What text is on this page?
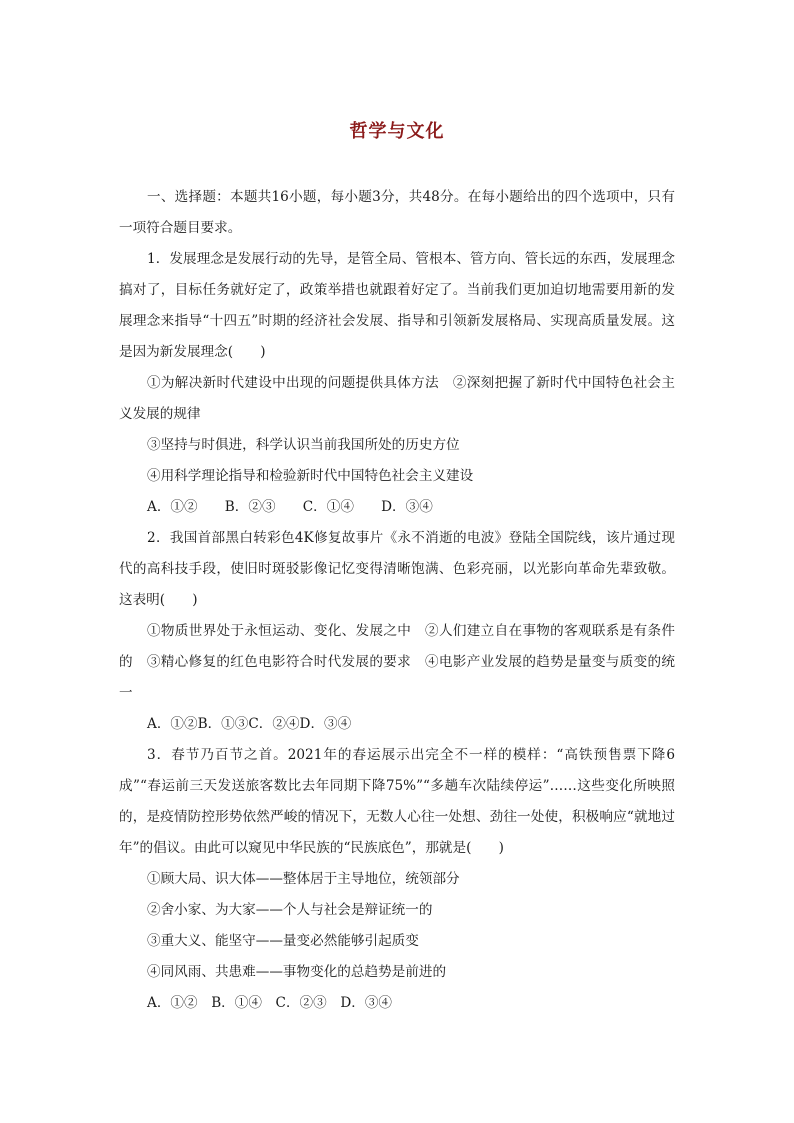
哲学与文化

一、选择题：本题共16小题，每小题3分，共48分。在每小题给出的四个选项中，只有一项符合题目要求。

1．发展理念是发展行动的先导，是管全局、管根本、管方向、管长远的东西，发展理念搞对了，目标任务就好定了，政策举措也就跟着好定了。当前我们更加迫切地需要用新的发展理念来指导“十四五”时期的经济社会发展、指导和引领新发展格局、实现高质量发展。这是因为新发展理念(　　)

①为解决新时代建设中出现的问题提供具体方法　②深刻把握了新时代中国特色社会主义发展的规律

③坚持与时俱进，科学认识当前我国所处的历史方位

④用科学理论指导和检验新时代中国特色社会主义建设

A．①②　　B．②③　　C．①④　　D．③④

2．我国首部黑白转彩色4K修复故事片《永不消逝的电波》登陆全国院线，该片通过现代的高科技手段，使旧时斑驳影像记忆变得清晰饱满、色彩亮丽，以光影向革命先辈致敬。这表明(　　)

①物质世界处于永恒运动、变化、发展之中　②人们建立自在事物的客观联系是有条件的　③精心修复的红色电影符合时代发展的要求　④电影产业发展的趋势是量变与质变的统一

A．①②B．①③C．②④D．③④

3．春节乃百节之首。2021年的春运展示出完全不一样的模样：“高铁预售票下降6成”“春运前三天发送旅客数比去年同期下降75%”“多趟车次陆续停运”……这些变化所映照的，是疫情防控形势依然严峻的情况下，无数人心往一处想、劲往一处使，积极响应“就地过年”的倡议。由此可以窥见中华民族的“民族底色”，那就是(　　)

①顾大局、识大体——整体居于主导地位，统领部分

②舍小家、为大家——个人与社会是辩证统一的

③重大义、能坚守——量变必然能够引起质变

④同风雨、共患难——事物变化的总趋势是前进的

A．①②　B．①④　C．②③　D．③④
